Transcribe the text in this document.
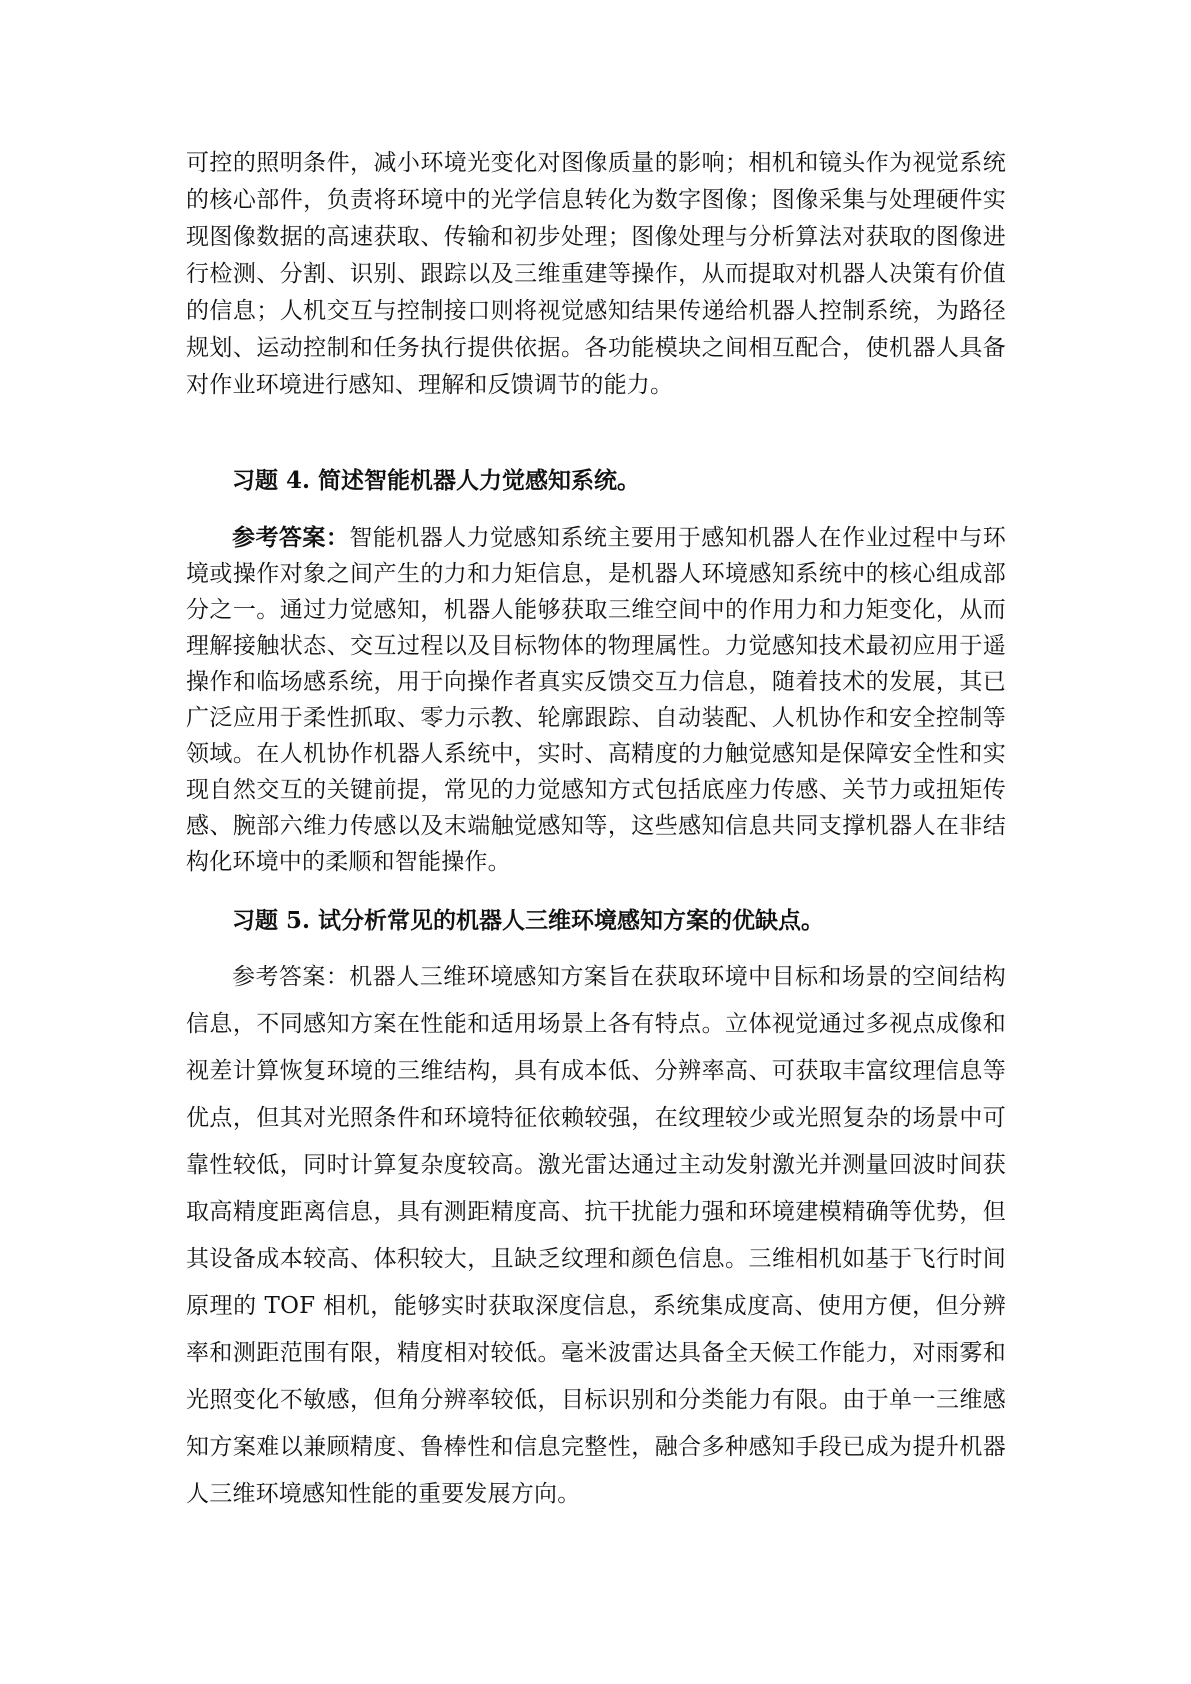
可控的照明条件，减小环境光变化对图像质量的影响；相机和镜头作为视觉系统的核心部件，负责将环境中的光学信息转化为数字图像；图像采集与处理硬件实现图像数据的高速获取、传输和初步处理；图像处理与分析算法对获取的图像进行检测、分割、识别、跟踪以及三维重建等操作，从而提取对机器人决策有价值的信息；人机交互与控制接口则将视觉感知结果传递给机器人控制系统，为路径规划、运动控制和任务执行提供依据。各功能模块之间相互配合，使机器人具备对作业环境进行感知、理解和反馈调节的能力。

习题 4. 简述智能机器人力觉感知系统。

参考答案：智能机器人力觉感知系统主要用于感知机器人在作业过程中与环境或操作对象之间产生的力和力矩信息，是机器人环境感知系统中的核心组成部分之一。通过力觉感知，机器人能够获取三维空间中的作用力和力矩变化，从而理解接触状态、交互过程以及目标物体的物理属性。力觉感知技术最初应用于遥操作和临场感系统，用于向操作者真实反馈交互力信息，随着技术的发展，其已广泛应用于柔性抓取、零力示教、轮廓跟踪、自动装配、人机协作和安全控制等领域。在人机协作机器人系统中，实时、高精度的力触觉感知是保障安全性和实现自然交互的关键前提，常见的力觉感知方式包括底座力传感、关节力或扭矩传感、腕部六维力传感以及末端触觉感知等，这些感知信息共同支撑机器人在非结构化环境中的柔顺和智能操作。

习题 5. 试分析常见的机器人三维环境感知方案的优缺点。

参考答案：机器人三维环境感知方案旨在获取环境中目标和场景的空间结构信息，不同感知方案在性能和适用场景上各有特点。立体视觉通过多视点成像和视差计算恢复环境的三维结构，具有成本低、分辨率高、可获取丰富纹理信息等优点，但其对光照条件和环境特征依赖较强，在纹理较少或光照复杂的场景中可靠性较低，同时计算复杂度较高。激光雷达通过主动发射激光并测量回波时间获取高精度距离信息，具有测距精度高、抗干扰能力强和环境建模精确等优势，但其设备成本较高、体积较大，且缺乏纹理和颜色信息。三维相机如基于飞行时间原理的 TOF 相机，能够实时获取深度信息，系统集成度高、使用方便，但分辨率和测距范围有限，精度相对较低。毫米波雷达具备全天候工作能力，对雨雾和光照变化不敏感，但角分辨率较低，目标识别和分类能力有限。由于单一三维感知方案难以兼顾精度、鲁棒性和信息完整性，融合多种感知手段已成为提升机器人三维环境感知性能的重要发展方向。
